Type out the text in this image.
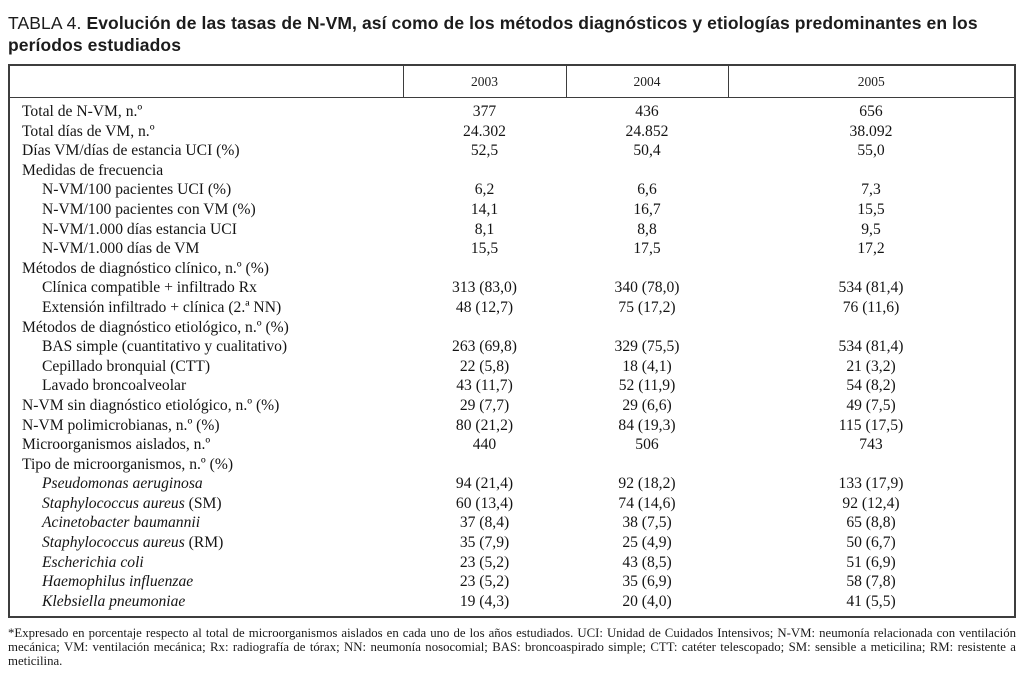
TABLA 4. Evolución de las tasas de N-VM, así como de los métodos diagnósticos y etiologías predominantes en los períodos estudiados
	2003	2004	2005
Total de N-VM, n.º	377	436	656
Total días de VM, n.º	24.302	24.852	38.092
Días VM/días de estancia UCI (%)	52,5	50,4	55,0
Medidas de frecuencia			
N-VM/100 pacientes UCI (%)	6,2	6,6	7,3
N-VM/100 pacientes con VM (%)	14,1	16,7	15,5
N-VM/1.000 días estancia UCI	8,1	8,8	9,5
N-VM/1.000 días de VM	15,5	17,5	17,2
Métodos de diagnóstico clínico, n.º (%)			
Clínica compatible + infiltrado Rx	313 (83,0)	340 (78,0)	534 (81,4)
Extensión infiltrado + clínica (2.ª NN)	48 (12,7)	75 (17,2)	76 (11,6)
Métodos de diagnóstico etiológico, n.º (%)			
BAS simple (cuantitativo y cualitativo)	263 (69,8)	329 (75,5)	534 (81,4)
Cepillado bronquial (CTT)	22 (5,8)	18 (4,1)	21 (3,2)
Lavado broncoalveolar	43 (11,7)	52 (11,9)	54 (8,2)
N-VM sin diagnóstico etiológico, n.º (%)	29 (7,7)	29 (6,6)	49 (7,5)
N-VM polimicrobianas, n.º (%)	80 (21,2)	84 (19,3)	115 (17,5)
Microorganismos aislados, n.º	440	506	743
Tipo de microorganismos, n.º (%)			
Pseudomonas aeruginosa	94 (21,4)	92 (18,2)	133 (17,9)
Staphylococcus aureus (SM)	60 (13,4)	74 (14,6)	92 (12,4)
Acinetobacter baumannii	37 (8,4)	38 (7,5)	65 (8,8)
Staphylococcus aureus (RM)	35 (7,9)	25 (4,9)	50 (6,7)
Escherichia coli	23 (5,2)	43 (8,5)	51 (6,9)
Haemophilus influenzae	23 (5,2)	35 (6,9)	58 (7,8)
Klebsiella pneumoniae	19 (4,3)	20 (4,0)	41 (5,5)
*Expresado en porcentaje respecto al total de microorganismos aislados en cada uno de los años estudiados. UCI: Unidad de Cuidados Intensivos; N-VM: neumonía relacionada con ventilación mecánica; VM: ventilación mecánica; Rx: radiografía de tórax; NN: neumonía nosocomial; BAS: broncoaspirado simple; CTT: catéter telescopado; SM: sensible a meticilina; RM: resistente a meticilina.
